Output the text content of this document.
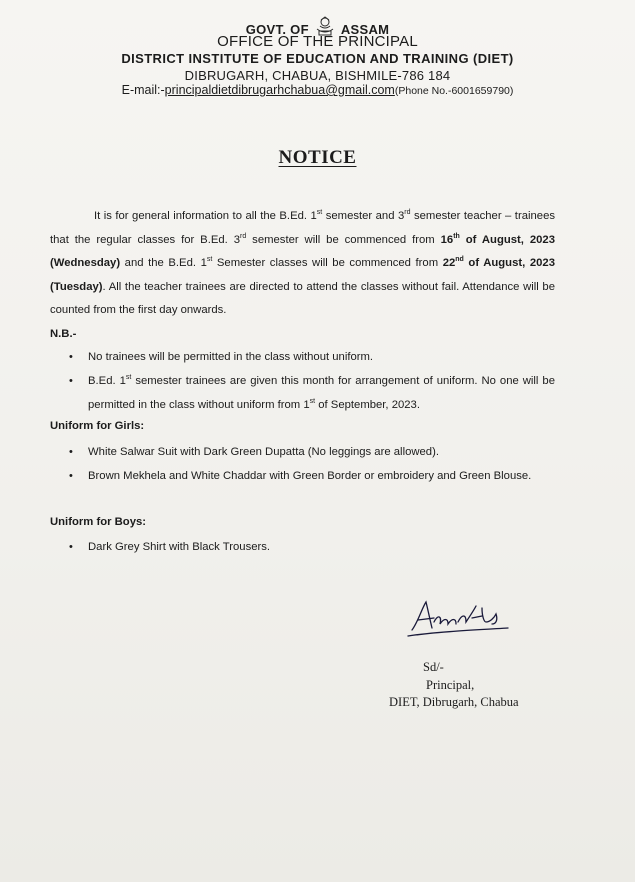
GOVT. OF ASSAM
OFFICE OF THE PRINCIPAL
DISTRICT INSTITUTE OF EDUCATION AND TRAINING (DIET)
DIBRUGARH, CHABUA, BISHMILE-786 184
E-mail:-principaldietdibrugarhchabua@gmail.com(Phone No.-6001659790)
NOTICE

It is for general information to all the B.Ed. 1st semester and 3rd semester teacher – trainees that the regular classes for B.Ed. 3rd semester will be commenced from 16th of August, 2023 (Wednesday) and the B.Ed. 1st Semester classes will be commenced from 22nd of August, 2023 (Tuesday). All the teacher trainees are directed to attend the classes without fail. Attendance will be counted from the first day onwards.

N.B.-
• No trainees will be permitted in the class without uniform.
• B.Ed. 1st semester trainees are given this month for arrangement of uniform. No one will be permitted in the class without uniform from 1st of September, 2023.
Uniform for Girls:
• White Salwar Suit with Dark Green Dupatta (No leggings are allowed).
• Brown Mekhela and White Chaddar with Green Border or embroidery and Green Blouse.
Uniform for Boys:
• Dark Grey Shirt with Black Trousers.
Sd/-
Principal,
DIET, Dibrugarh, Chabua
